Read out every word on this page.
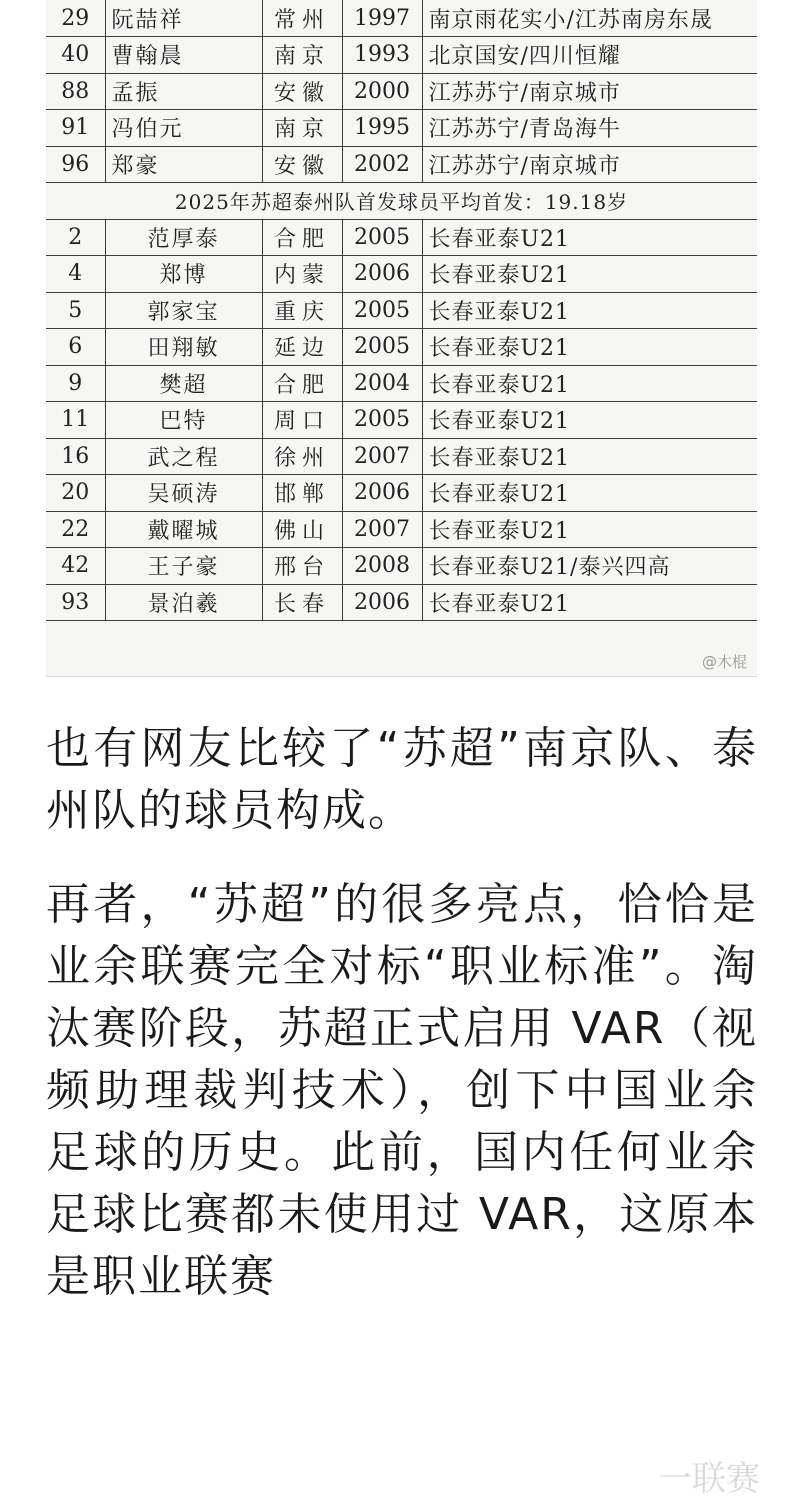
29	阮喆祥	常州	1997	南京雨花实小/江苏南房东晟
40	曹翰晨	南京	1993	北京国安/四川恒耀
88	孟振	安徽	2000	江苏苏宁/南京城市
91	冯伯元	南京	1995	江苏苏宁/青岛海牛
96	郑豪	安徽	2002	江苏苏宁/南京城市
2025年苏超泰州队首发球员平均首发：19.18岁				
2	范厚泰	合肥	2005	长春亚泰U21
4	郑博	内蒙	2006	长春亚泰U21
5	郭家宝	重庆	2005	长春亚泰U21
6	田翔敏	延边	2005	长春亚泰U21
9	樊超	合肥	2004	长春亚泰U21
11	巴特	周口	2005	长春亚泰U21
16	武之程	徐州	2007	长春亚泰U21
20	吴硕涛	邯郸	2006	长春亚泰U21
22	戴曜城	佛山	2007	长春亚泰U21
42	王子豪	邢台	2008	长春亚泰U21/泰兴四高
93	景泊羲	长春	2006	长春亚泰U21
@木棍

也有网友比较了“苏超”南京队、泰州队的球员构成。

再者，“苏超”的很多亮点，恰恰是业余联赛完全对标“职业标准”。淘汰赛阶段，苏超正式启用 VAR（视频助理裁判技术），创下中国业余足球的历史。此前，国内任何业余足球比赛都未使用过 VAR，这原本是职业联赛

一联赛
